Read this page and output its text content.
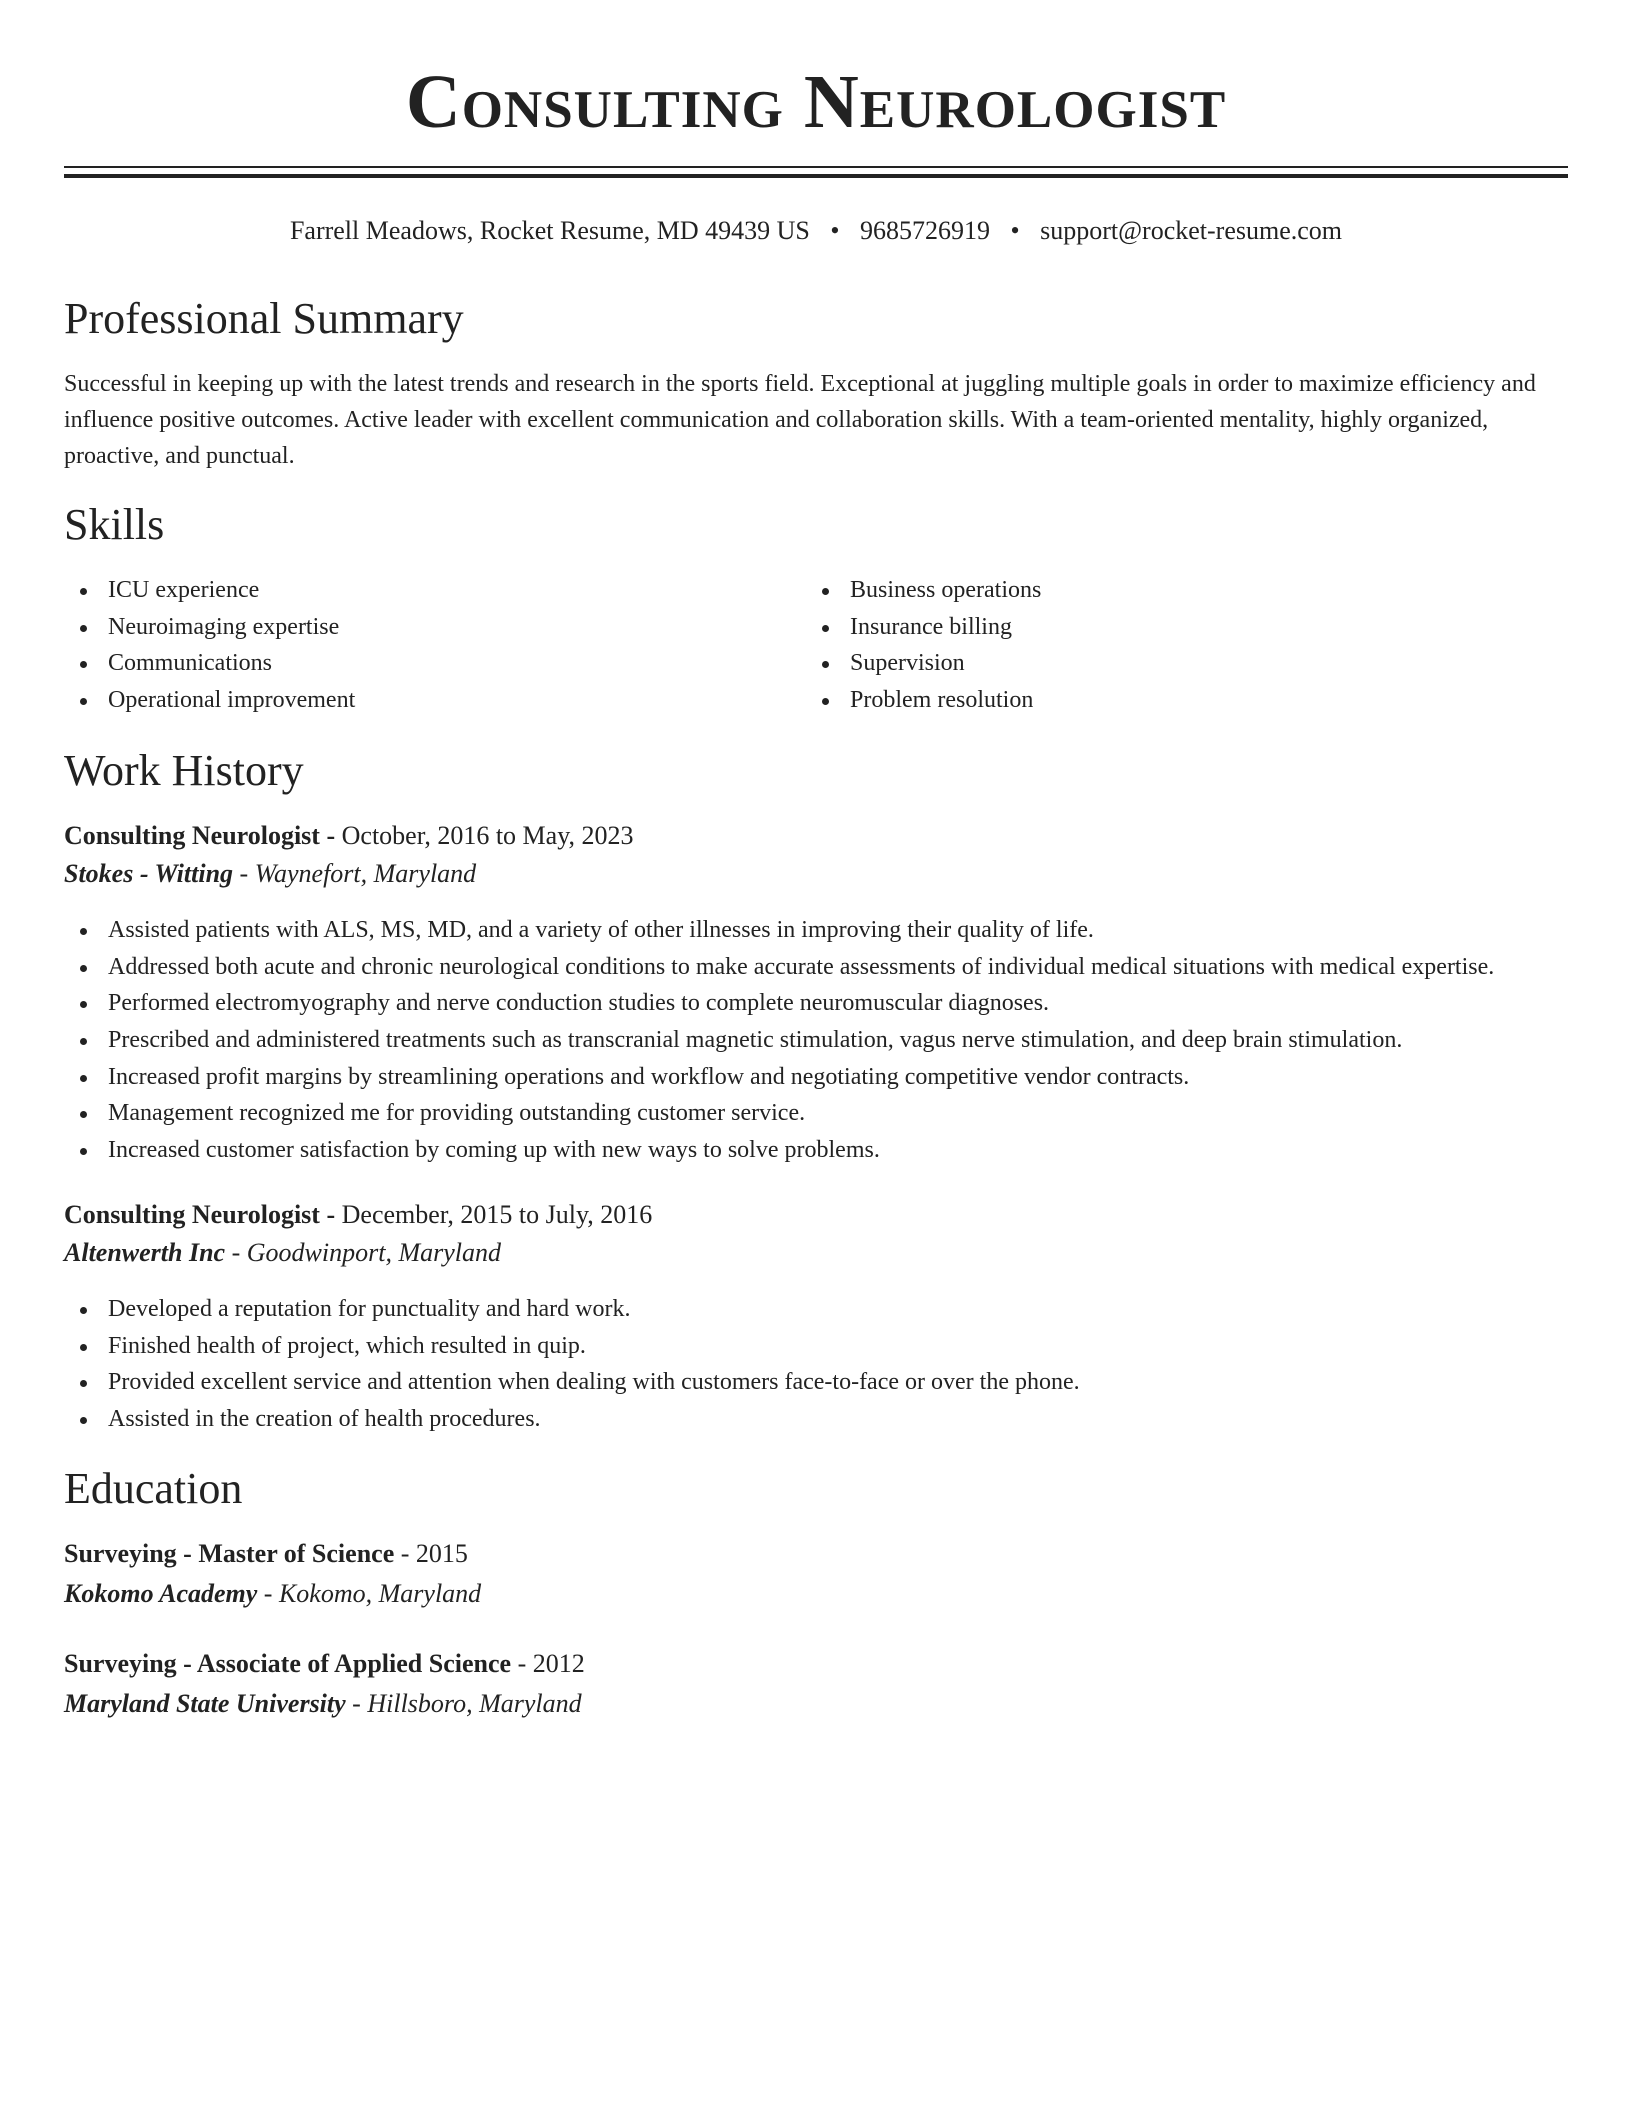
Consulting Neurologist
Farrell Meadows, Rocket Resume, MD 49439 US • 9685726919 • support@rocket-resume.com
Professional Summary

Successful in keeping up with the latest trends and research in the sports field. Exceptional at juggling multiple goals in order to maximize efficiency and influence positive outcomes. Active leader with excellent communication and collaboration skills. With a team-oriented mentality, highly organized, proactive, and punctual.

Skills
ICU experience
Neuroimaging expertise
Communications
Operational improvement
Business operations
Insurance billing
Supervision
Problem resolution
Work History
Consulting Neurologist - October, 2016 to May, 2023
Stokes - Witting - Waynefort, Maryland
Assisted patients with ALS, MS, MD, and a variety of other illnesses in improving their quality of life.
Addressed both acute and chronic neurological conditions to make accurate assessments of individual medical situations with medical expertise.
Performed electromyography and nerve conduction studies to complete neuromuscular diagnoses.
Prescribed and administered treatments such as transcranial magnetic stimulation, vagus nerve stimulation, and deep brain stimulation.
Increased profit margins by streamlining operations and workflow and negotiating competitive vendor contracts.
Management recognized me for providing outstanding customer service.
Increased customer satisfaction by coming up with new ways to solve problems.
Consulting Neurologist - December, 2015 to July, 2016
Altenwerth Inc - Goodwinport, Maryland
Developed a reputation for punctuality and hard work.
Finished health of project, which resulted in quip.
Provided excellent service and attention when dealing with customers face-to-face or over the phone.
Assisted in the creation of health procedures.
Education
Surveying - Master of Science - 2015
Kokomo Academy - Kokomo, Maryland
Surveying - Associate of Applied Science - 2012
Maryland State University - Hillsboro, Maryland
